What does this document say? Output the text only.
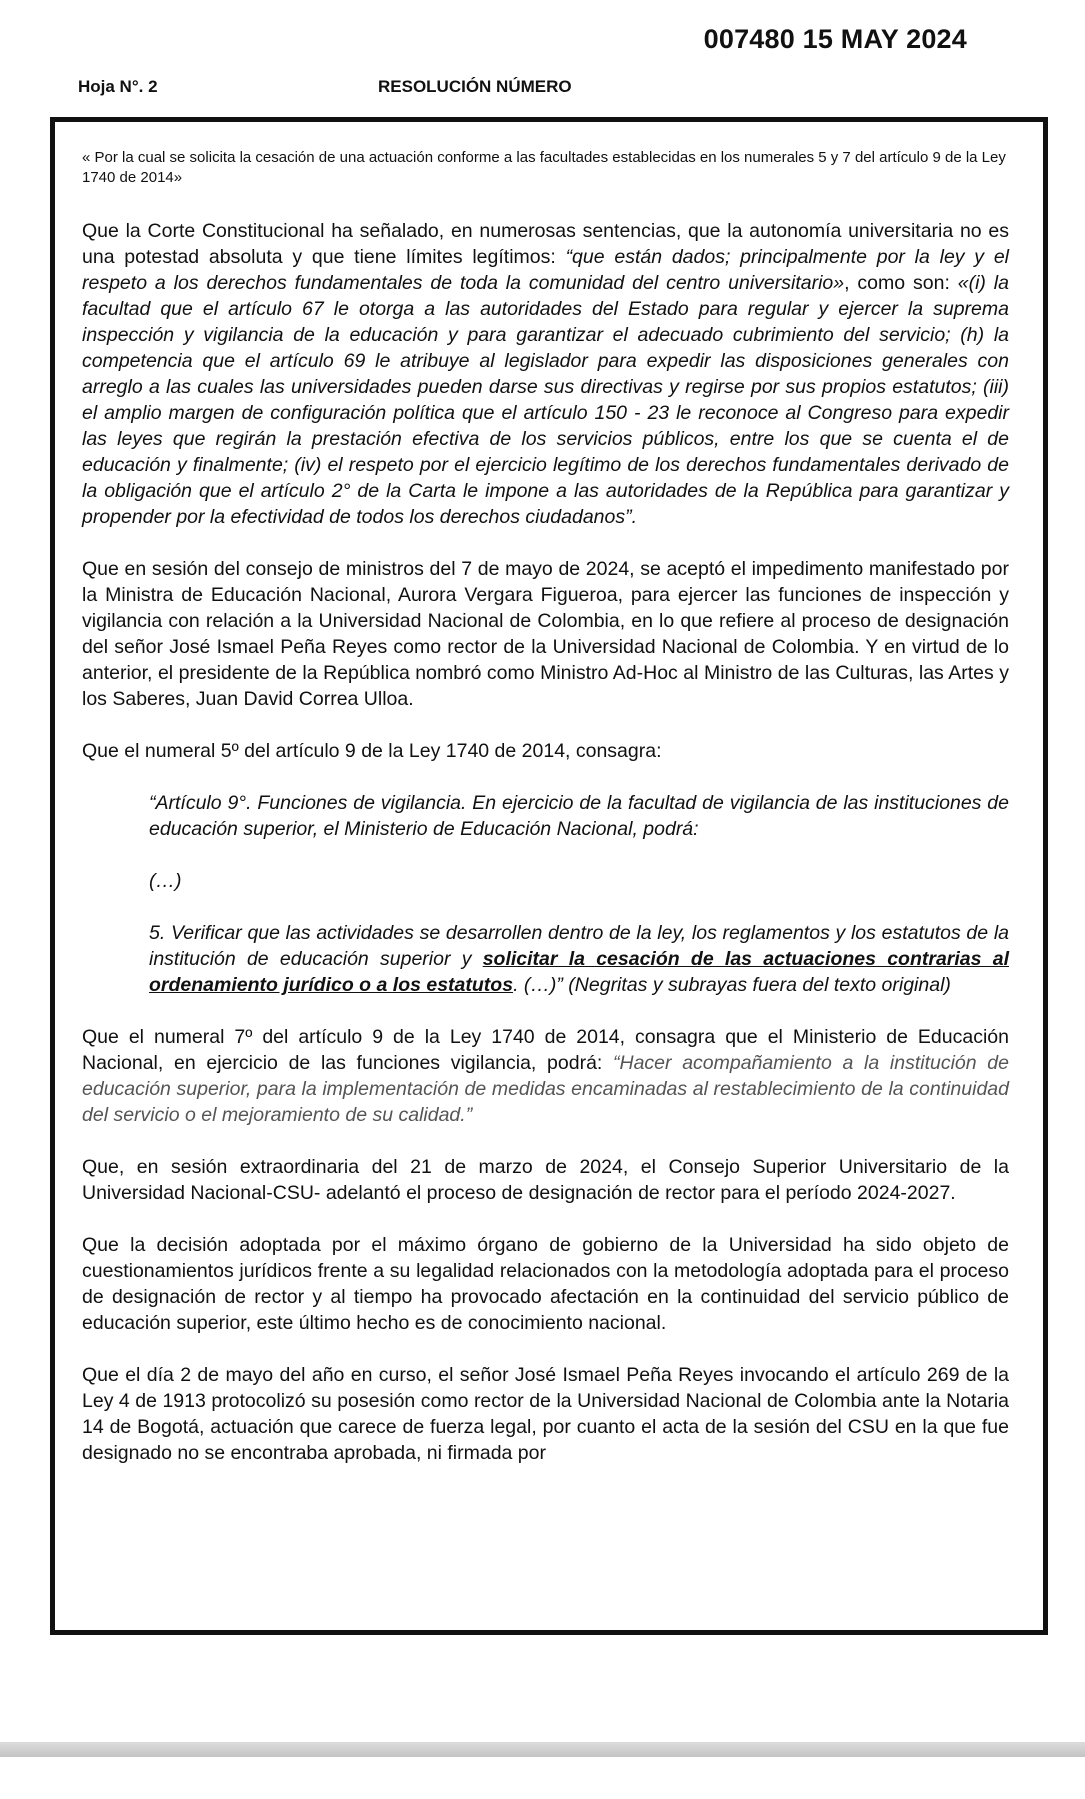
007480 15 MAY 2024
Hoja N°. 2	RESOLUCIÓN NÚMERO
« Por la cual se solicita la cesación de una actuación conforme a las facultades establecidas en los numerales 5 y 7 del artículo 9 de la Ley 1740 de 2014»

Que la Corte Constitucional ha señalado, en numerosas sentencias, que la autonomía universitaria no es una potestad absoluta y que tiene límites legítimos: “que están dados; principalmente por la ley y el respeto a los derechos fundamentales de toda la comunidad del centro universitario», como son: «(i) la facultad que el artículo 67 le otorga a las autoridades del Estado para regular y ejercer la suprema inspección y vigilancia de la educación y para garantizar el adecuado cubrimiento del servicio; (h) la competencia que el artículo 69 le atribuye al legislador para expedir las disposiciones generales con arreglo a las cuales las universidades pueden darse sus directivas y regirse por sus propios estatutos; (iii) el amplio margen de configuración política que el artículo 150 - 23 le reconoce al Congreso para expedir las leyes que regirán la prestación efectiva de los servicios públicos, entre los que se cuenta el de educación y finalmente; (iv) el respeto por el ejercicio legítimo de los derechos fundamentales derivado de la obligación que el artículo 2° de la Carta le impone a las autoridades de la República para garantizar y propender por la efectividad de todos los derechos ciudadanos”.

Que en sesión del consejo de ministros del 7 de mayo de 2024, se aceptó el impedimento manifestado por la Ministra de Educación Nacional, Aurora Vergara Figueroa, para ejercer las funciones de inspección y vigilancia con relación a la Universidad Nacional de Colombia, en lo que refiere al proceso de designación del señor José Ismael Peña Reyes como rector de la Universidad Nacional de Colombia. Y en virtud de lo anterior, el presidente de la República nombró como Ministro Ad-Hoc al Ministro de las Culturas, las Artes y los Saberes, Juan David Correa Ulloa.

Que el numeral 5º del artículo 9 de la Ley 1740 de 2014, consagra:

“Artículo 9°. Funciones de vigilancia. En ejercicio de la facultad de vigilancia de las instituciones de educación superior, el Ministerio de Educación Nacional, podrá:

(…)

5. Verificar que las actividades se desarrollen dentro de la ley, los reglamentos y los estatutos de la institución de educación superior y solicitar la cesación de las actuaciones contrarias al ordenamiento jurídico o a los estatutos. (…)” (Negritas y subrayas fuera del texto original)

Que el numeral 7º del artículo 9 de la Ley 1740 de 2014, consagra que el Ministerio de Educación Nacional, en ejercicio de las funciones vigilancia, podrá: “Hacer acompañamiento a la institución de educación superior, para la implementación de medidas encaminadas al restablecimiento de la continuidad del servicio o el mejoramiento de su calidad.”

Que, en sesión extraordinaria del 21 de marzo de 2024, el Consejo Superior Universitario de la Universidad Nacional-CSU- adelantó el proceso de designación de rector para el período 2024-2027.

Que la decisión adoptada por el máximo órgano de gobierno de la Universidad ha sido objeto de cuestionamientos jurídicos frente a su legalidad relacionados con la metodología adoptada para el proceso de designación de rector y al tiempo ha provocado afectación en la continuidad del servicio público de educación superior, este último hecho es de conocimiento nacional.

Que el día 2 de mayo del año en curso, el señor José Ismael Peña Reyes invocando el artículo 269 de la Ley 4 de 1913 protocolizó su posesión como rector de la Universidad Nacional de Colombia ante la Notaria 14 de Bogotá, actuación que carece de fuerza legal, por cuanto el acta de la sesión del CSU en la que fue designado no se encontraba aprobada, ni firmada por
